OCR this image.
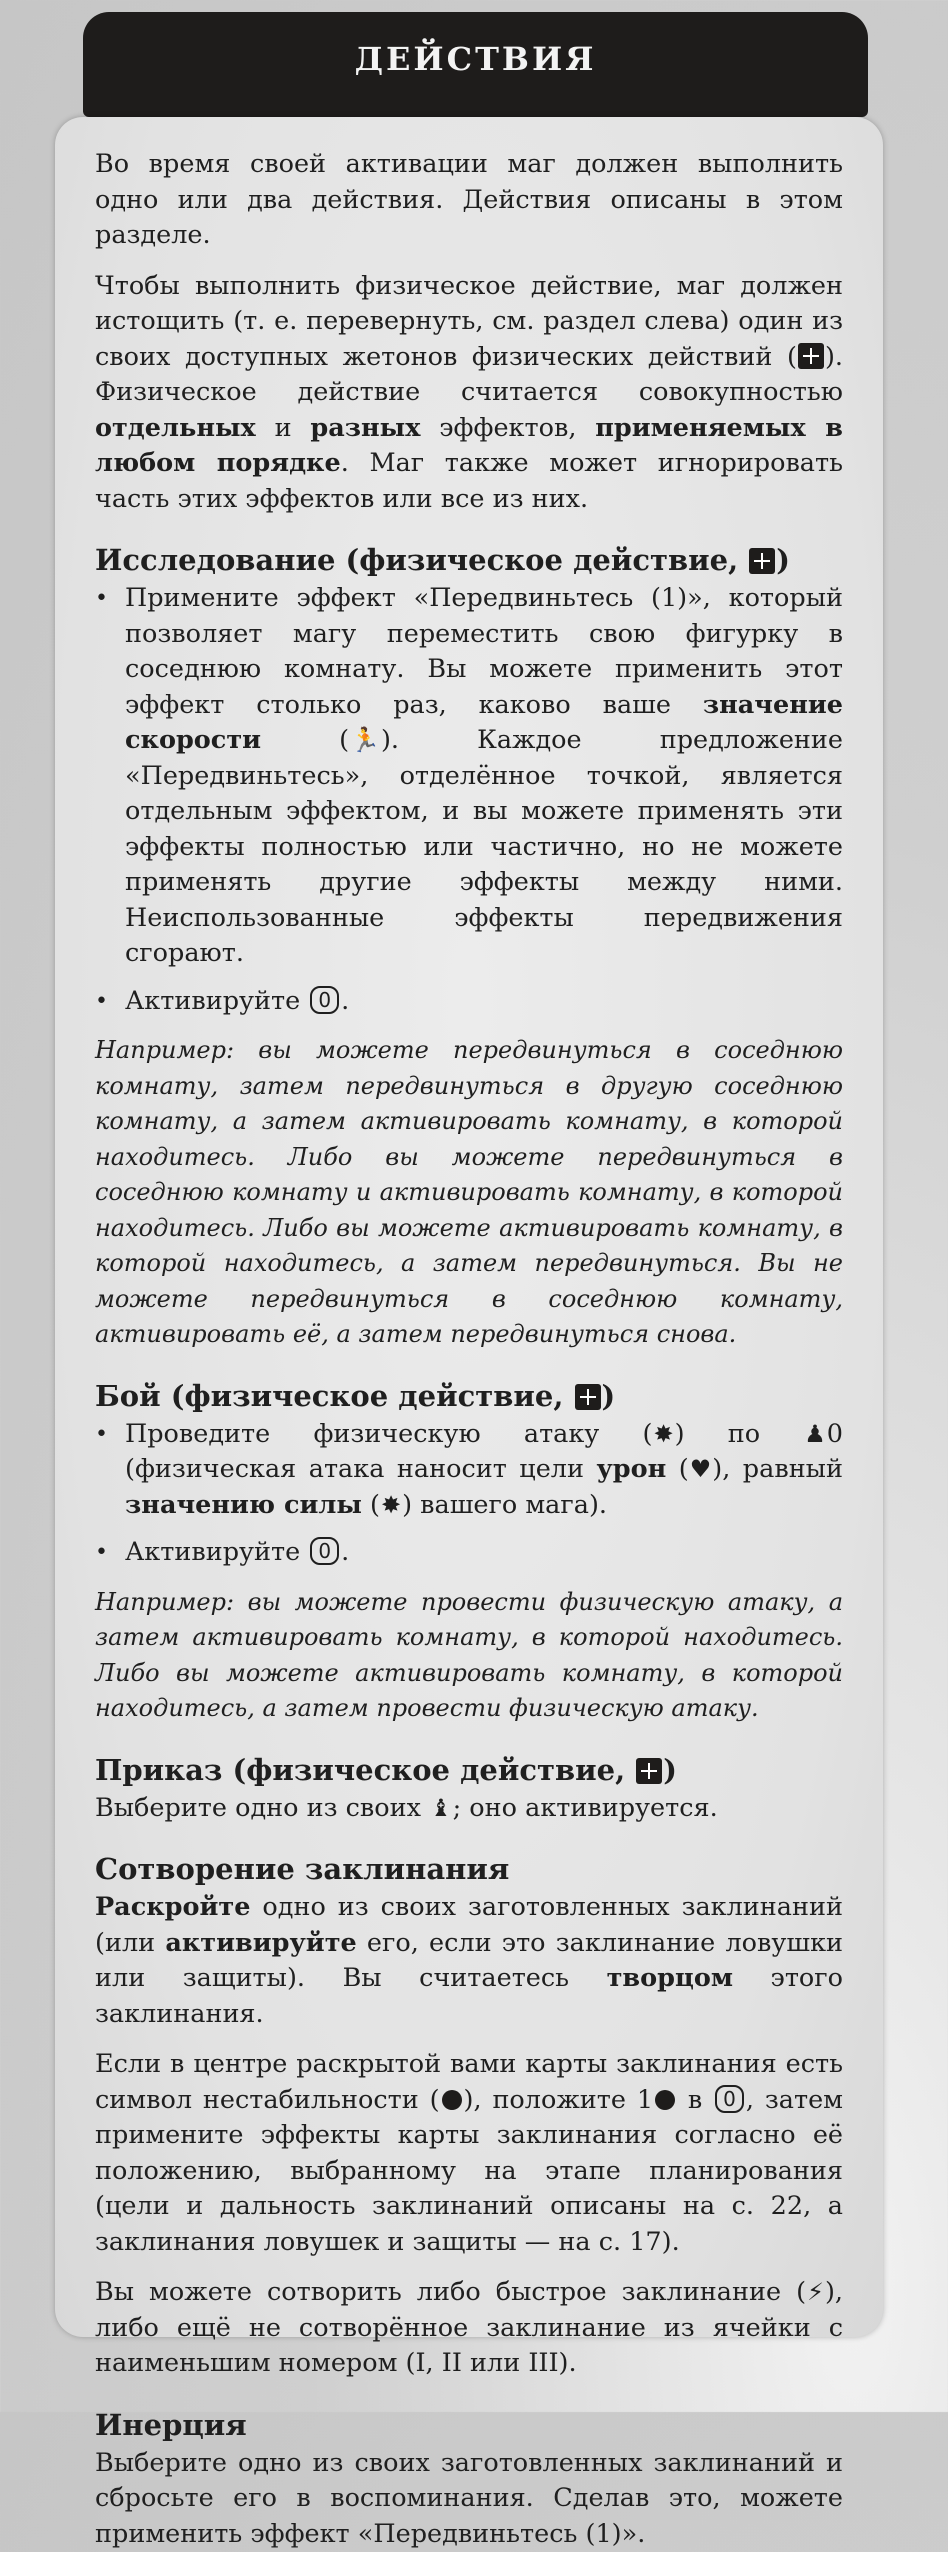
ДЕЙСТВИЯ

Во время своей активации маг должен выполнить одно или два действия. Действия описаны в этом разделе.

Чтобы выполнить физическое действие, маг должен истощить (т. е. перевернуть, см. раздел слева) один из своих доступных жетонов физических действий ( ). Физическое действие считается совокупностью отдельных и разных эффектов, применяемых в любом порядке. Маг также может игнорировать часть этих эффектов или все из них.

Исследование (физическое действие, )
• Примените эффект «Передвиньтесь (1)», который позволяет магу переместить свою фигурку в соседнюю комнату. Вы можете применить этот эффект столько раз, каково ваше значение скорости (🏃). Каждое предложение «Передвиньтесь», отделённое точкой, является отдельным эффектом, и вы можете применять эти эффекты полностью или частично, но не можете применять другие эффекты между ними. Неиспользованные эффекты передвижения сгорают.
• Активируйте 0 .

Например: вы можете передвинуться в соседнюю комнату, затем передвинуться в другую соседнюю комнату, а затем активировать комнату, в которой находитесь. Либо вы можете передвинуться в соседнюю комнату и активировать комнату, в которой находитесь. Либо вы можете активировать комнату, в которой находитесь, а затем передвинуться. Вы не можете передвинуться в соседнюю комнату, активировать её, а затем передвинуться снова.

Бой (физическое действие, )
• Проведите физическую атаку (✸) по ♟0 (физическая атака наносит цели урон (♥), равный значению силы (✸) вашего мага).
• Активируйте 0 .

Например: вы можете провести физическую атаку, а затем активировать комнату, в которой находитесь. Либо вы можете активировать комнату, в которой находитесь, а затем провести физическую атаку.

Приказ (физическое действие, )

Выберите одно из своих ♝; оно активируется.

Сотворение заклинания

Раскройте одно из своих заготовленных заклинаний (или активируйте его, если это заклинание ловушки или защиты). Вы считаетесь творцом этого заклинания.

Если в центре раскрытой вами карты заклинания есть символ нестабильности ( ), положите 1 в 0 , затем примените эффекты карты заклинания согласно её положению, выбранному на этапе планирования (цели и дальность заклинаний описаны на с. 22, а заклинания ловушек и защиты — на с. 17).

Вы можете сотворить либо быстрое заклинание (⚡), либо ещё не сотворённое заклинание из ячейки с наименьшим номером (I, II или III).

Инерция

Выберите одно из своих заготовленных заклинаний и сбросьте его в воспоминания. Сделав это, можете применить эффект «Передвиньтесь (1)».
